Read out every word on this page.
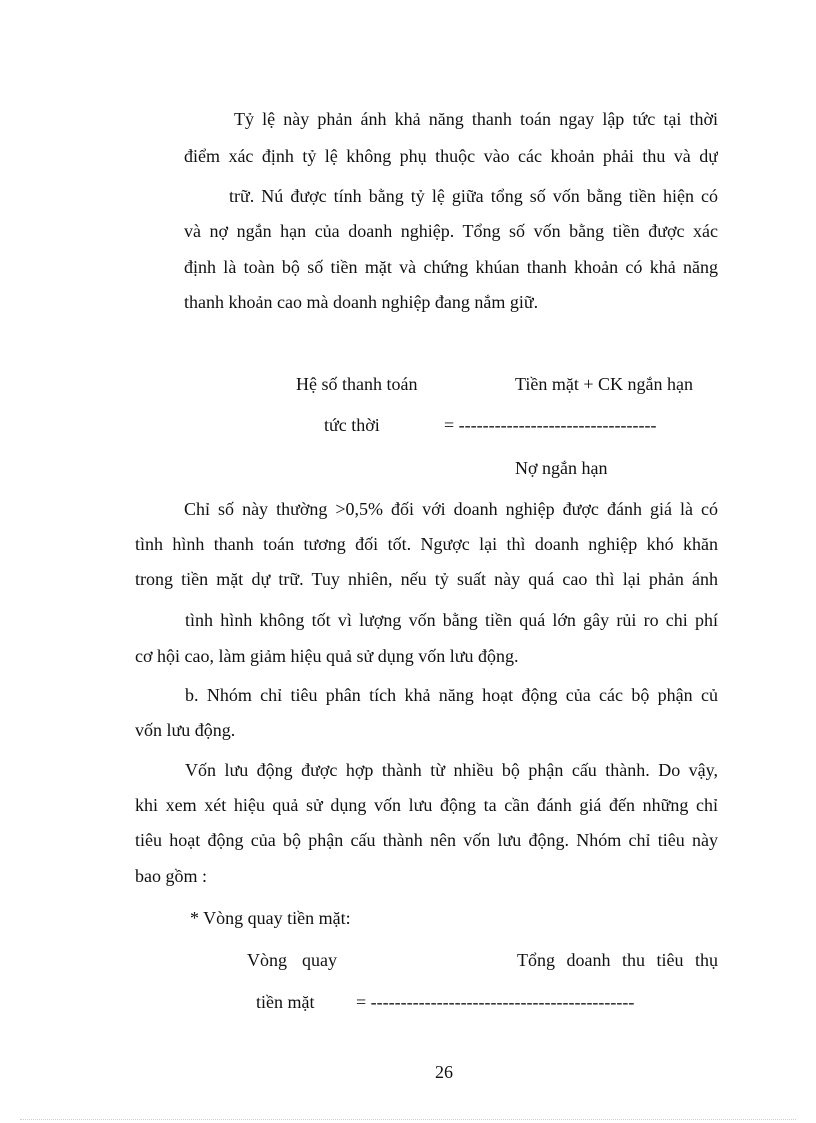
Tỷ lệ này phản ánh khả năng thanh toán ngay lập tức tại thời
điểm xác định tỷ lệ không phụ thuộc vào các khoản phải thu và dự
trữ. Nú được tính bằng tỷ lệ giữa tổng số vốn bằng tiền hiện có
và nợ ngắn hạn của doanh nghiệp. Tổng số vốn bằng tiền được xác
định là toàn bộ số tiền mặt và chứng khúan thanh khoản có khả năng
thanh khoản cao mà doanh nghiệp đang nắm giữ.
Hệ số thanh toán	Tiền mặt + CK ngắn hạn
tức thời	= ---------------------------------
Nợ ngắn hạn
Chỉ số này thường >0,5% đối với doanh nghiệp được đánh giá là có
tình hình thanh toán tương đối tốt. Ngược lại thì doanh nghiệp khó khăn
trong tiền mặt dự trữ. Tuy nhiên, nếu tỷ suất này quá cao thì lại phản ánh
tình hình không tốt vì lượng vốn bằng tiền quá lớn gây rủi ro chi phí
cơ hội cao, làm giảm hiệu quả sử dụng vốn lưu động.
b. Nhóm chỉ tiêu phân tích khả năng hoạt động của các bộ phận củ
vốn lưu động.
Vốn lưu động được hợp thành từ nhiều bộ phận cấu thành. Do vậy,
khi xem xét hiệu quả sử dụng vốn lưu động ta cần đánh giá đến những chỉ
tiêu hoạt động của bộ phận cấu thành nên vốn lưu động. Nhóm chỉ tiêu này
bao gồm :
* Vòng quay tiền mặt:
Vòng quay	Tổng doanh thu tiêu thụ
tiền mặt = --------------------------------------------
26
